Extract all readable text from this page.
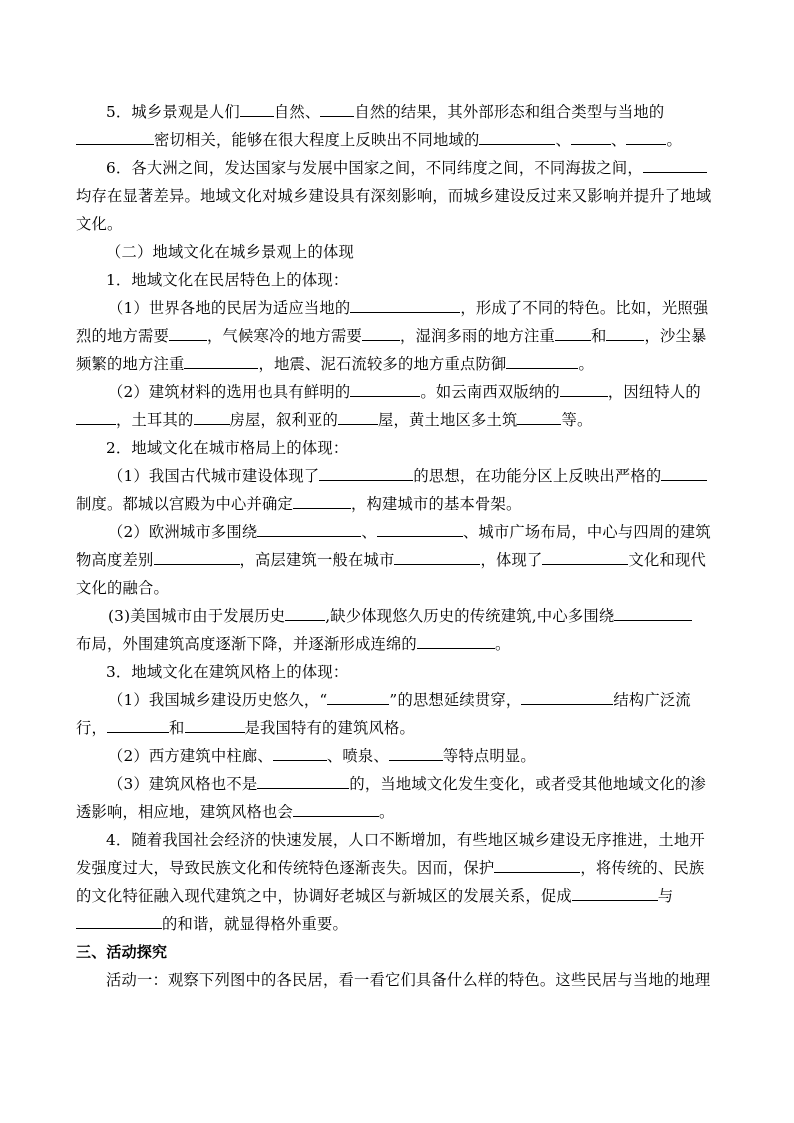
5．城乡景观是人们 自然、 自然的结果，其外部形态和组合类型与当地的
密切相关，能够在很大程度上反映出不同地域的	、	、	。
6．各大洲之间，发达国家与发展中国家之间，不同纬度之间，不同海拔之间，
均存在显著差异。地域文化对城乡建设具有深刻影响，而城乡建设反过来又影响并提升了地域
文化。
（二）地域文化在城乡景观上的体现
1．地域文化在民居特色上的体现：
（1）世界各地的民居为适应当地的	，形成了不同的特色。比如，光照强
烈的地方需要 ，气候寒冷的地方需要 ，湿润多雨的地方注重 和 ，沙尘暴
频繁的地方注重	，地震、泥石流较多的地方重点防御	。
（2）建筑材料的选用也具有鲜明的	。如云南西双版纳的	，因纽特人的
，土耳其的 房屋，叙利亚的	屋，黄土地区多土筑	等。
2．地域文化在城市格局上的体现：
（1）我国古代城市建设体现了	的思想，在功能分区上反映出严格的
制度。都城以宫殿为中心并确定	，构建城市的基本骨架。
（2）欧洲城市多围绕	、	、城市广场布局，中心与四周的建筑
物高度差别	，高层建筑一般在城市	，体现了	文化和现代
文化的融合。
(3)美国城市由于发展历史	,缺少体现悠久历史的传统建筑,中心多围绕
布局，外围建筑高度逐渐下降，并逐渐形成连绵的	。
3．地域文化在建筑风格上的体现：
（1）我国城乡建设历史悠久，“	”的思想延续贯穿，	结构广泛流
行，	和	是我国特有的建筑风格。
（2）西方建筑中柱廊、	、喷泉、	等特点明显。
（3）建筑风格也不是	的，当地域文化发生变化，或者受其他地域文化的渗
透影响，相应地，建筑风格也会	。
4．随着我国社会经济的快速发展，人口不断增加，有些地区城乡建设无序推进，土地开
发强度过大，导致民族文化和传统特色逐渐丧失。因而，保护	，将传统的、民族
的文化特征融入现代建筑之中，协调好老城区与新城区的发展关系，促成	与
的和谐，就显得格外重要。
三、活动探究
活动一：观察下列图中的各民居，看一看它们具备什么样的特色。这些民居与当地的地理
